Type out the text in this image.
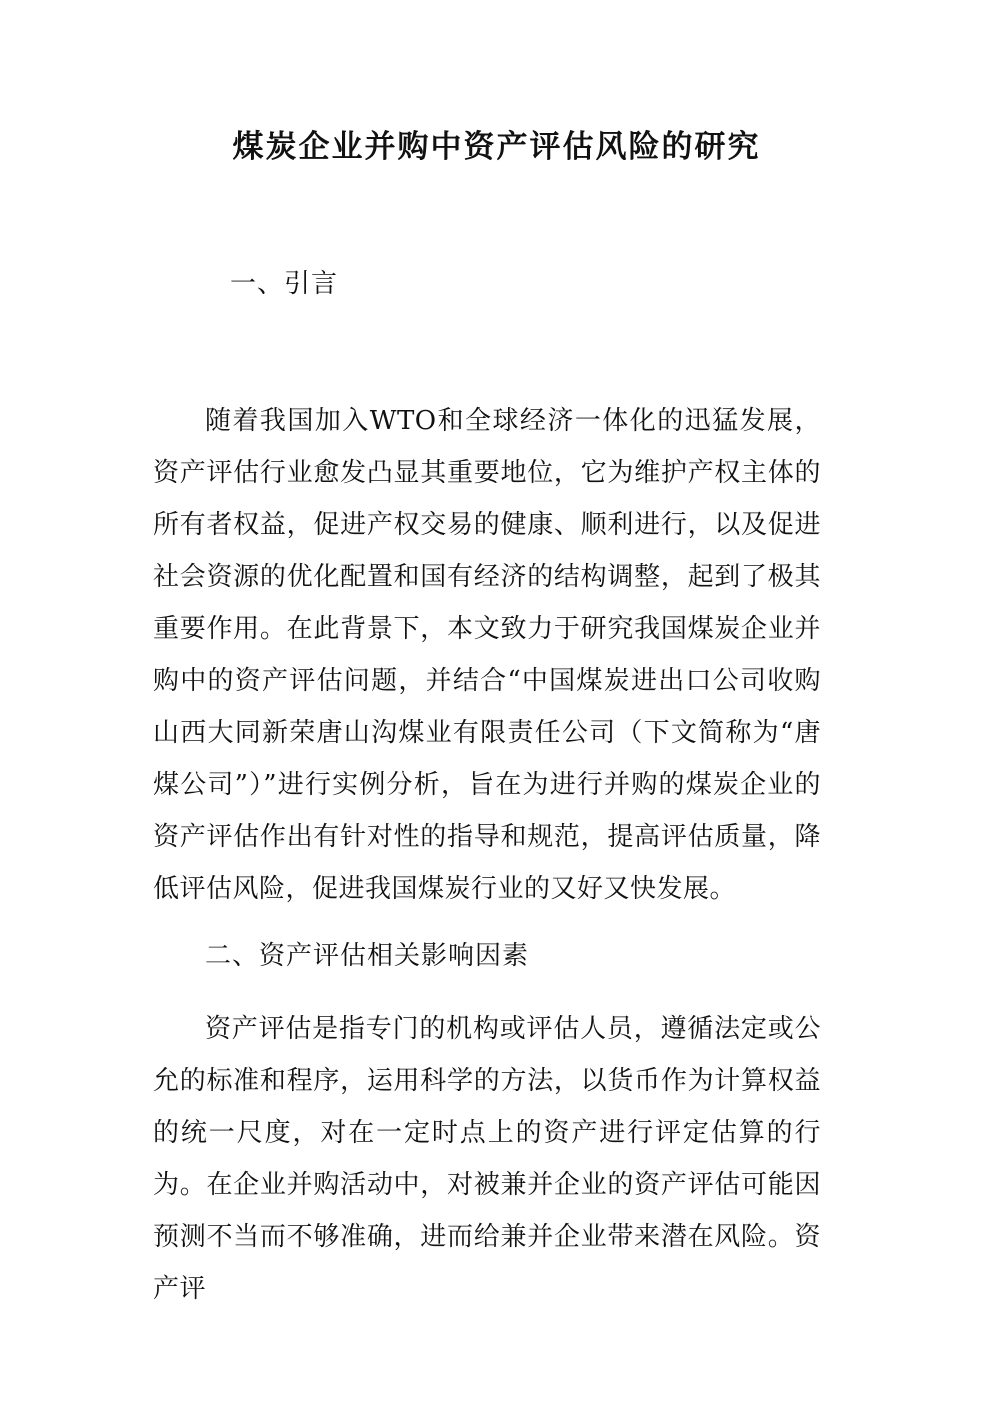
煤炭企业并购中资产评估风险的研究
一、引言

随着我国加入WTO和全球经济一体化的迅猛发展，资产评估行业愈发凸显其重要地位，它为维护产权主体的所有者权益，促进产权交易的健康、顺利进行，以及促进社会资源的优化配置和国有经济的结构调整，起到了极其重要作用。在此背景下，本文致力于研究我国煤炭企业并购中的资产评估问题，并结合“中国煤炭进出口公司收购山西大同新荣唐山沟煤业有限责任公司（下文简称为“唐煤公司”）”进行实例分析，旨在为进行并购的煤炭企业的资产评估作出有针对性的指导和规范，提高评估质量，降低评估风险，促进我国煤炭行业的又好又快发展。

二、资产评估相关影响因素

资产评估是指专门的机构或评估人员，遵循法定或公允的标准和程序，运用科学的方法，以货币作为计算权益的统一尺度，对在一定时点上的资产进行评定估算的行为。在企业并购活动中，对被兼并企业的资产评估可能因预测不当而不够准确，进而给兼并企业带来潜在风险。资产评
